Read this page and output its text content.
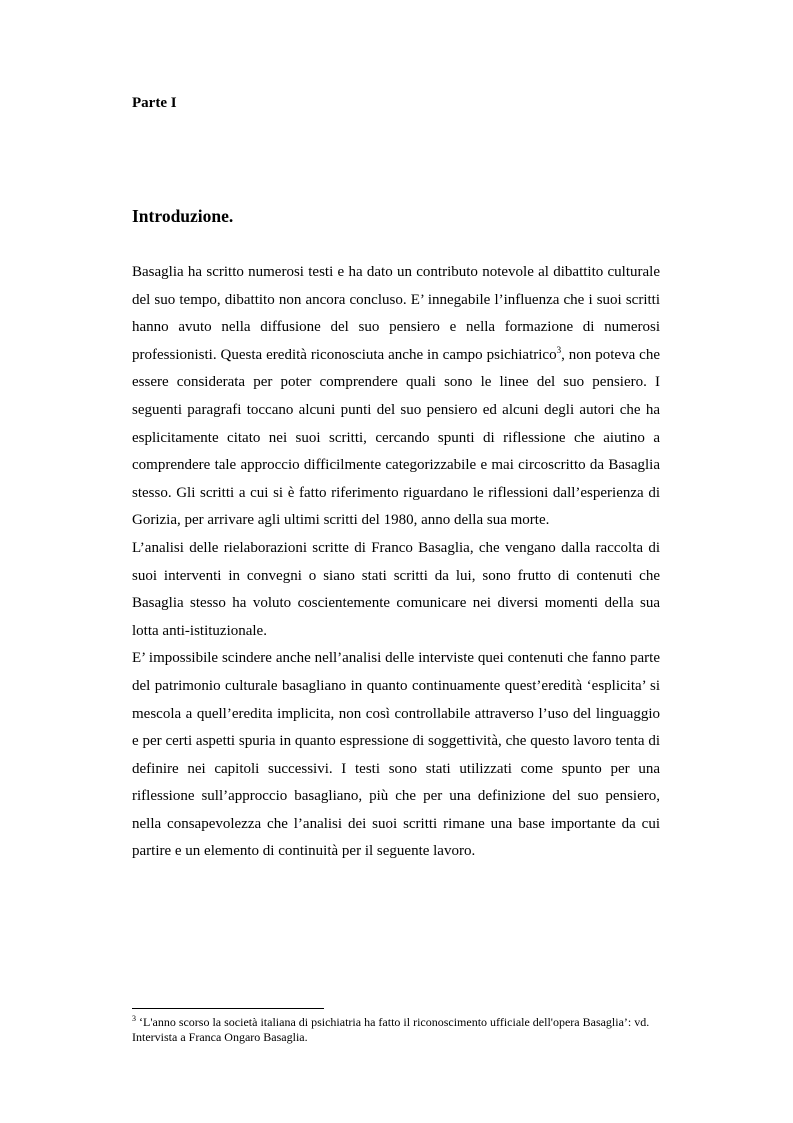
Parte I
Introduzione.

Basaglia ha scritto numerosi testi e ha dato un contributo notevole al dibattito culturale del suo tempo, dibattito non ancora concluso. E’ innegabile l’influenza che i suoi scritti hanno avuto nella diffusione del suo pensiero e nella formazione di numerosi professionisti. Questa eredità riconosciuta anche in campo psichiatrico$^3$, non poteva che essere considerata per poter comprendere quali sono le linee del suo pensiero. I seguenti paragrafi toccano alcuni punti del suo pensiero ed alcuni degli autori che ha esplicitamente citato nei suoi scritti, cercando spunti di riflessione che aiutino a comprendere tale approccio difficilmente categorizzabile e mai circoscritto da Basaglia stesso. Gli scritti a cui si è fatto riferimento riguardano le riflessioni dall’esperienza di Gorizia, per arrivare agli ultimi scritti del 1980, anno della sua morte.

L’analisi delle rielaborazioni scritte di Franco Basaglia, che vengano dalla raccolta di suoi interventi in convegni o siano stati scritti da lui, sono frutto di contenuti che Basaglia stesso ha voluto coscientemente comunicare nei diversi momenti della sua lotta anti-istituzionale.

E’ impossibile scindere anche nell’analisi delle interviste quei contenuti che fanno parte del patrimonio culturale basagliano in quanto continuamente quest’eredità ‘esplicita’ si mescola a quell’eredita implicita, non così controllabile attraverso l’uso del linguaggio e per certi aspetti spuria in quanto espressione di soggettività, che questo lavoro tenta di definire nei capitoli successivi. I testi sono stati utilizzati come spunto per una riflessione sull’approccio basagliano, più che per una definizione del suo pensiero, nella consapevolezza che l’analisi dei suoi scritti rimane una base importante da cui partire e un elemento di continuità per il seguente lavoro.

$^3$ ‘L'anno scorso la società italiana di psichiatria ha fatto il riconoscimento ufficiale dell'opera Basaglia’: vd. Intervista a Franca Ongaro Basaglia.
